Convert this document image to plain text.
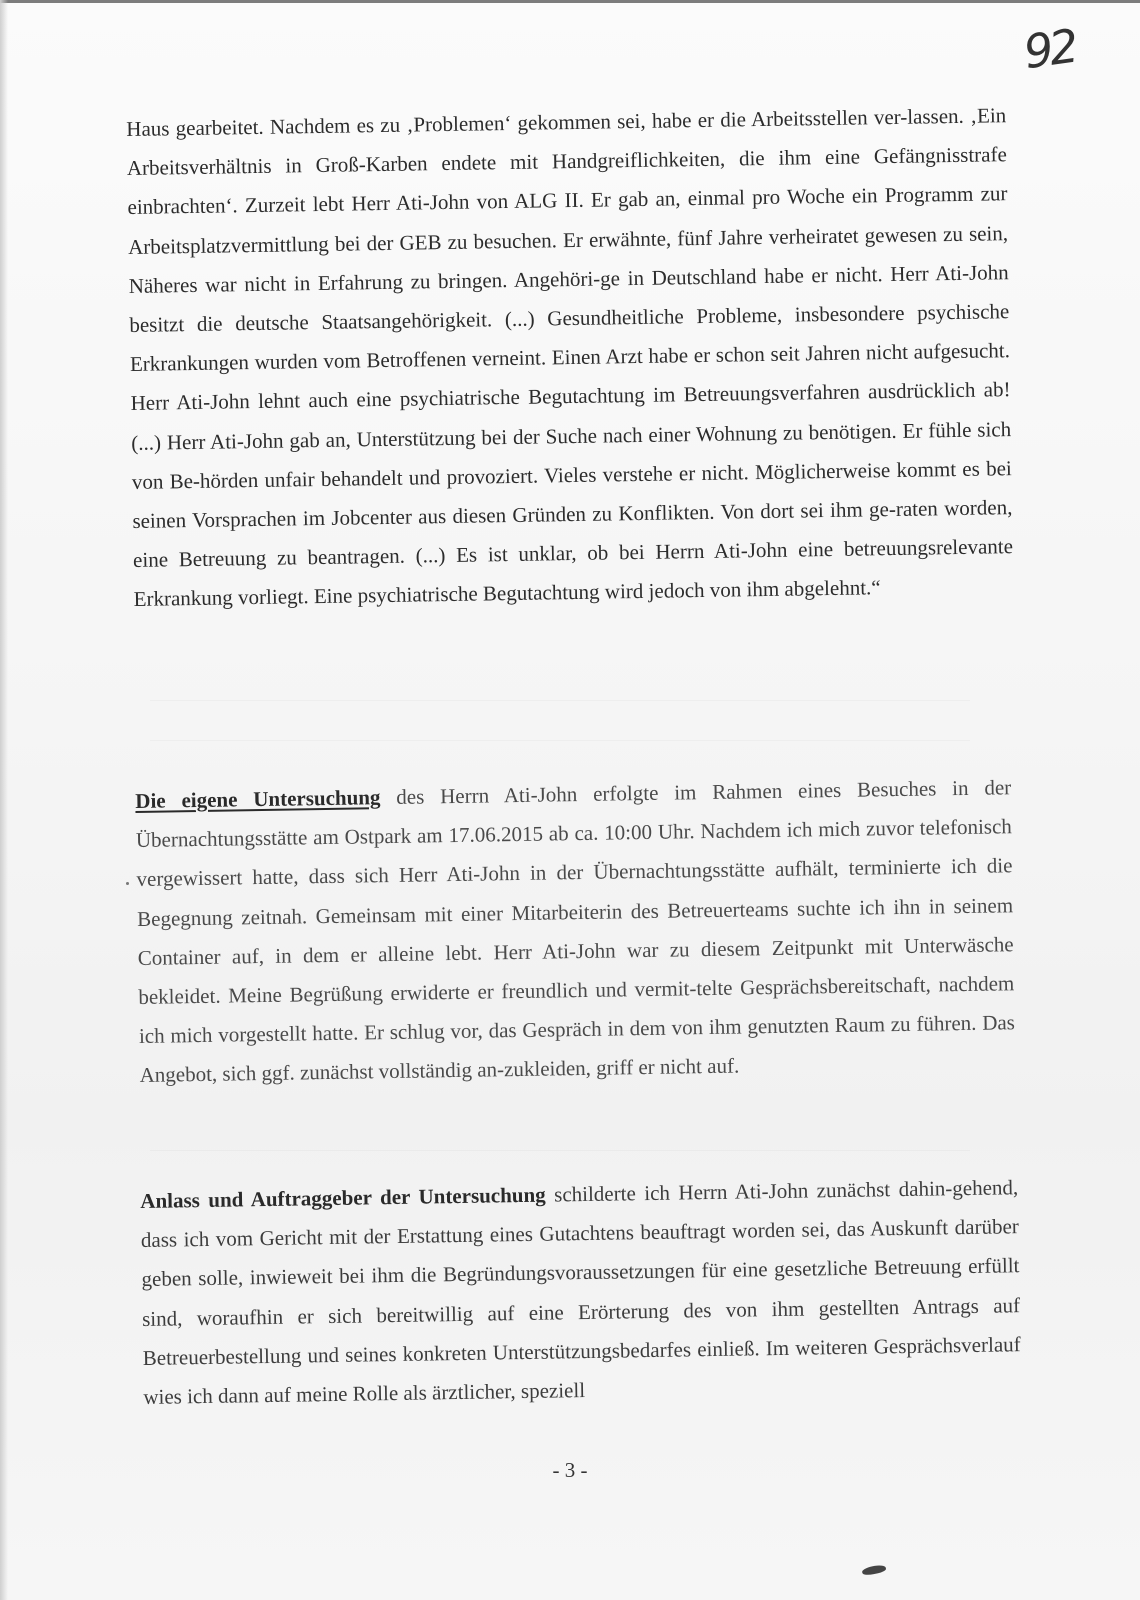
92
Haus gearbeitet. Nachdem es zu ‚Problemen‘ gekommen sei, habe er die Arbeitsstellen ver-lassen. ‚Ein Arbeitsverhältnis in Groß-Karben endete mit Handgreiflichkeiten, die ihm eine Gefängnisstrafe einbrachten‘. Zurzeit lebt Herr Ati-John von ALG II. Er gab an, einmal pro Woche ein Programm zur Arbeitsplatzvermittlung bei der GEB zu besuchen. Er erwähnte, fünf Jahre verheiratet gewesen zu sein, Näheres war nicht in Erfahrung zu bringen. Angehöri-ge in Deutschland habe er nicht. Herr Ati-John besitzt die deutsche Staatsangehörigkeit. (...) Gesundheitliche Probleme, insbesondere psychische Erkrankungen wurden vom Betroffenen verneint. Einen Arzt habe er schon seit Jahren nicht aufgesucht. Herr Ati-John lehnt auch eine psychiatrische Begutachtung im Betreuungsverfahren ausdrücklich ab! (...) Herr Ati-John gab an, Unterstützung bei der Suche nach einer Wohnung zu benötigen. Er fühle sich von Be-hörden unfair behandelt und provoziert. Vieles verstehe er nicht. Möglicherweise kommt es bei seinen Vorsprachen im Jobcenter aus diesen Gründen zu Konflikten. Von dort sei ihm ge-raten worden, eine Betreuung zu beantragen. (...) Es ist unklar, ob bei Herrn Ati-John eine betreuungsrelevante Erkrankung vorliegt. Eine psychiatrische Begutachtung wird jedoch von ihm abgelehnt.“
Die eigene Untersuchung des Herrn Ati-John erfolgte im Rahmen eines Besuches in der Übernachtungsstätte am Ostpark am 17.06.2015 ab ca. 10:00 Uhr. Nachdem ich mich zuvor telefonisch vergewissert hatte, dass sich Herr Ati-John in der Übernachtungsstätte aufhält, terminierte ich die Begegnung zeitnah. Gemeinsam mit einer Mitarbeiterin des Betreuerteams suchte ich ihn in seinem Container auf, in dem er alleine lebt. Herr Ati-John war zu diesem Zeitpunkt mit Unterwäsche bekleidet. Meine Begrüßung erwiderte er freundlich und vermit-telte Gesprächsbereitschaft, nachdem ich mich vorgestellt hatte. Er schlug vor, das Gespräch in dem von ihm genutzten Raum zu führen. Das Angebot, sich ggf. zunächst vollständig an-zukleiden, griff er nicht auf.
Anlass und Auftraggeber der Untersuchung schilderte ich Herrn Ati-John zunächst dahin-gehend, dass ich vom Gericht mit der Erstattung eines Gutachtens beauftragt worden sei, das Auskunft darüber geben solle, inwieweit bei ihm die Begründungsvoraussetzungen für eine gesetzliche Betreuung erfüllt sind, woraufhin er sich bereitwillig auf eine Erörterung des von ihm gestellten Antrags auf Betreuerbestellung und seines konkreten Unterstützungsbedarfes einließ. Im weiteren Gesprächsverlauf wies ich dann auf meine Rolle als ärztlicher, speziell
- 3 -
